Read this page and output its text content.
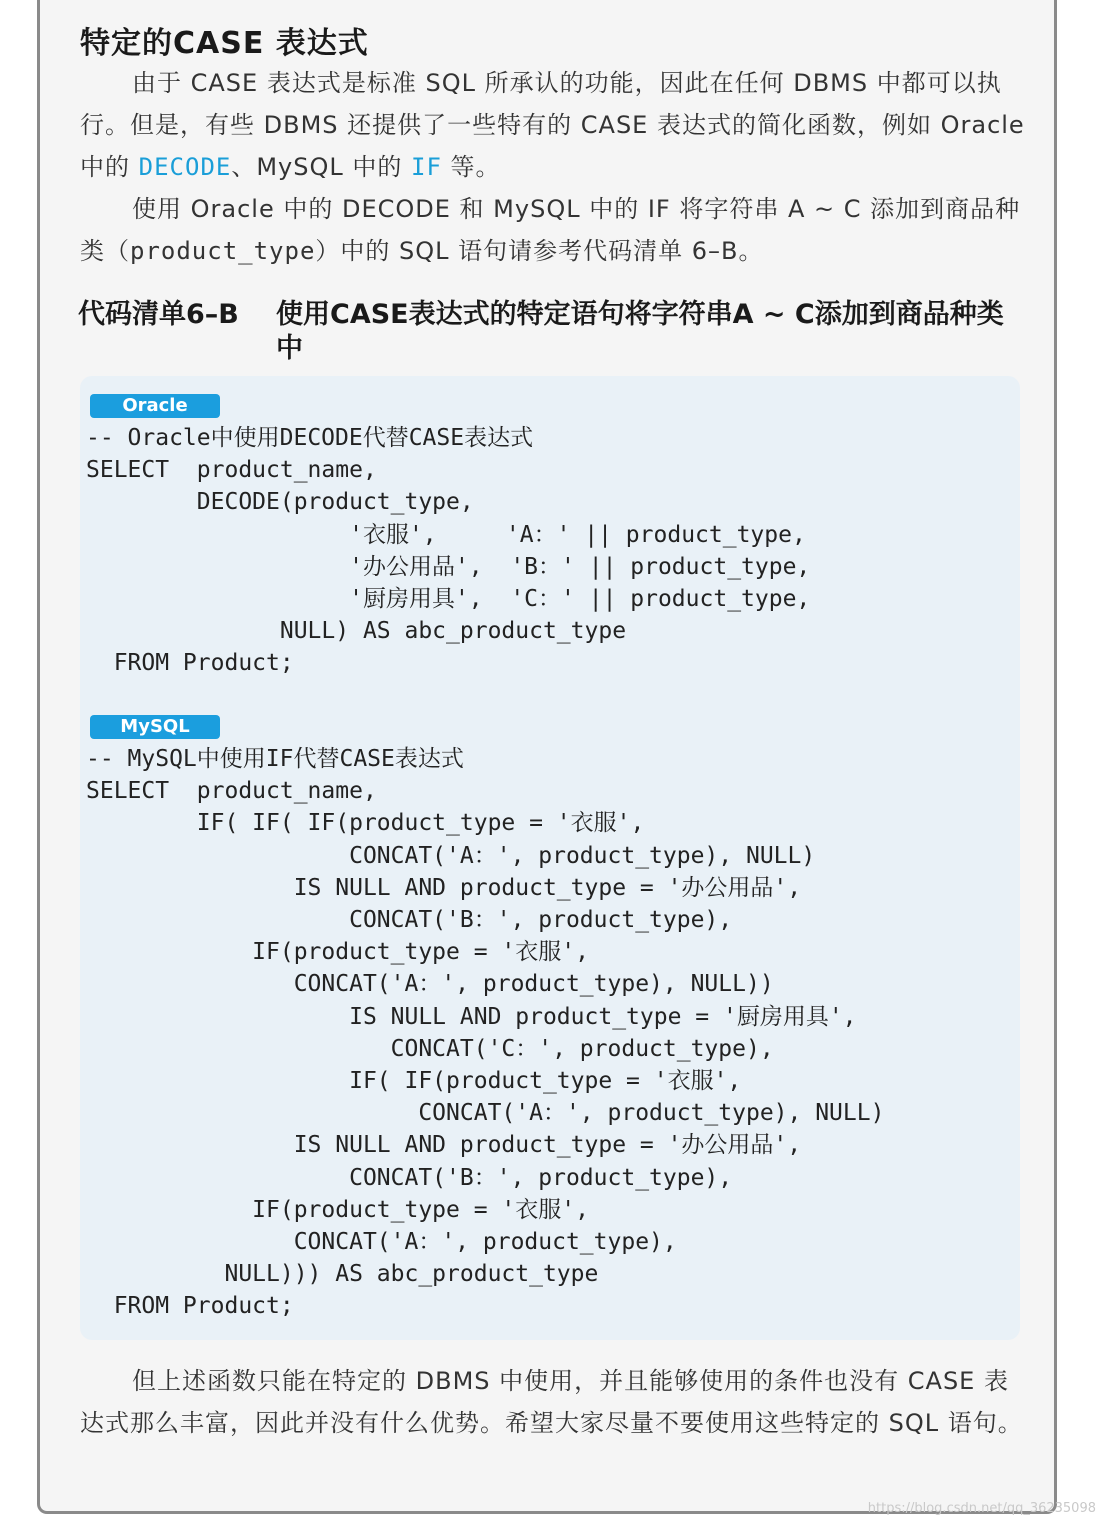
特定的CASE 表达式
由于 CASE 表达式是标准 SQL 所承认的功能，因此在任何 DBMS 中都可以执行。但是，有些 DBMS 还提供了一些特有的 CASE 表达式的简化函数，例如 Oracle 中的 DECODE、MySQL 中的 IF 等。
使用 Oracle 中的 DECODE 和 MySQL 中的 IF 将字符串 A ~ C 添加到商品种类（product_type）中的 SQL 语句请参考代码清单 6–B。
代码清单6–B 使用CASE表达式的特定语句将字符串A ~ C添加到商品种类中
Oracle
-- Oracle中使用DECODE代替CASE表达式
SELECT  product_name,
DECODE(product_type,
'衣服',     'A：' || product_type,
'办公用品',  'B：' || product_type,
'厨房用具',  'C：' || product_type,
NULL) AS abc_product_type
FROM Product;
MySQL
-- MySQL中使用IF代替CASE表达式
SELECT  product_name,
IF( IF( IF(product_type = '衣服',
CONCAT('A：', product_type), NULL)
IS NULL AND product_type = '办公用品',
CONCAT('B：', product_type),
IF(product_type = '衣服',
CONCAT('A：', product_type), NULL))
IS NULL AND product_type = '厨房用具',
CONCAT('C：', product_type),
IF( IF(product_type = '衣服',
CONCAT('A：', product_type), NULL)
IS NULL AND product_type = '办公用品',
CONCAT('B：', product_type),
IF(product_type = '衣服',
CONCAT('A：', product_type),
NULL))) AS abc_product_type
FROM Product;
但上述函数只能在特定的 DBMS 中使用，并且能够使用的条件也没有 CASE 表达式那么丰富，因此并没有什么优势。希望大家尽量不要使用这些特定的 SQL 语句。
https://blog.csdn.net/qq_36235098
